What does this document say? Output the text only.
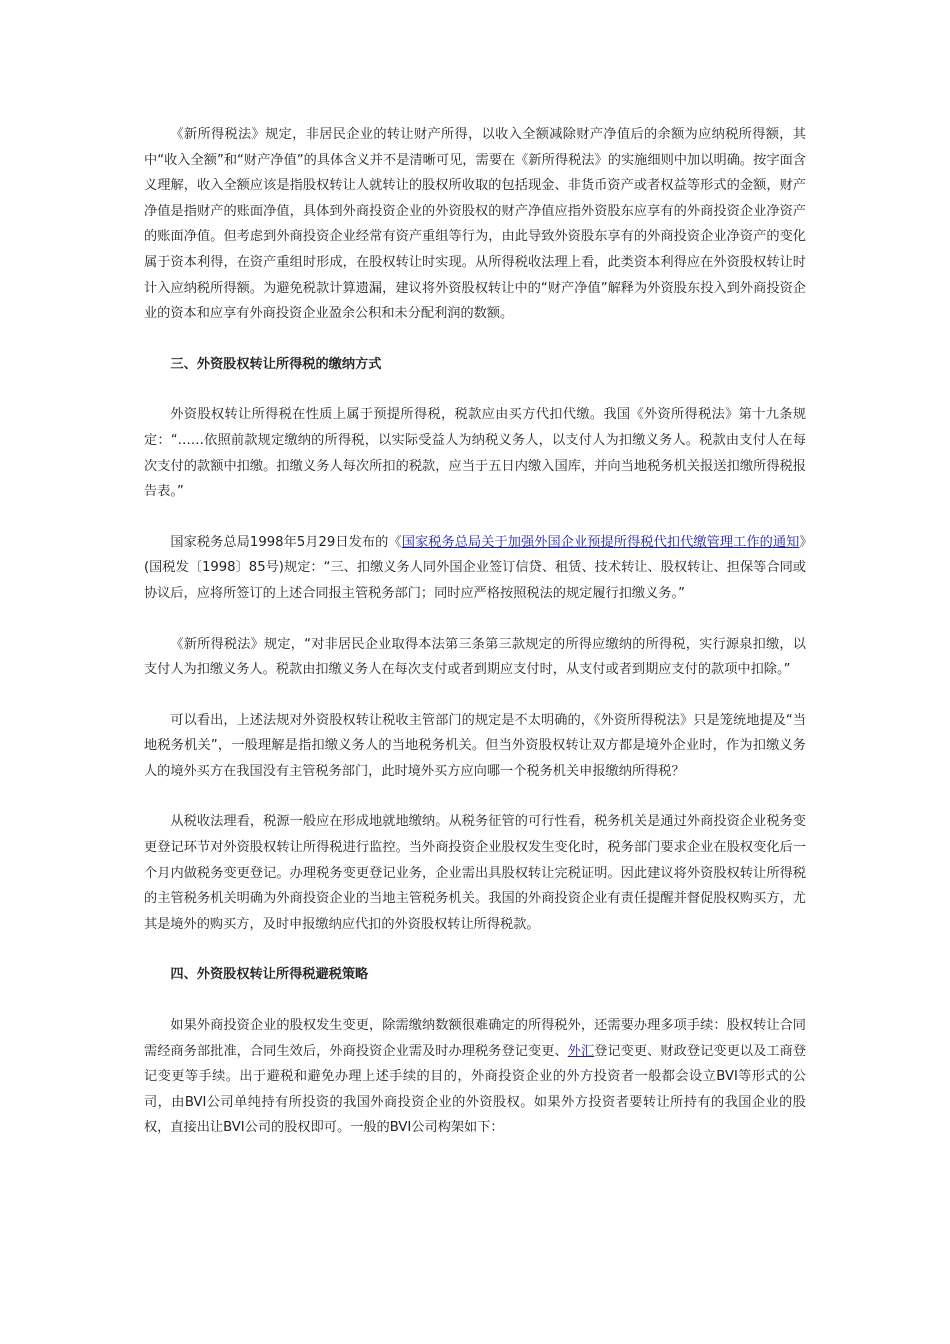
《新所得税法》规定，非居民企业的转让财产所得，以收入全额减除财产净值后的余额为应纳税所得额，其中“收入全额”和“财产净值”的具体含义并不是清晰可见，需要在《新所得税法》的实施细则中加以明确。按字面含义理解，收入全额应该是指股权转让人就转让的股权所收取的包括现金、非货币资产或者权益等形式的金额，财产净值是指财产的账面净值，具体到外商投资企业的外资股权的财产净值应指外资股东应享有的外商投资企业净资产的账面净值。但考虑到外商投资企业经常有资产重组等行为，由此导致外资股东享有的外商投资企业净资产的变化属于资本利得，在资产重组时形成，在股权转让时实现。从所得税收法理上看，此类资本利得应在外资股权转让时计入应纳税所得额。为避免税款计算遗漏，建议将外资股权转让中的“财产净值”解释为外资股东投入到外商投资企业的资本和应享有外商投资企业盈余公积和未分配利润的数额。

三、外资股权转让所得税的缴纳方式

外资股权转让所得税在性质上属于预提所得税，税款应由买方代扣代缴。我国《外资所得税法》第十九条规定：“……依照前款规定缴纳的所得税，以实际受益人为纳税义务人，以支付人为扣缴义务人。税款由支付人在每次支付的款额中扣缴。扣缴义务人每次所扣的税款，应当于五日内缴入国库，并向当地税务机关报送扣缴所得税报告表。”

国家税务总局1998年5月29日发布的《国家税务总局关于加强外国企业预提所得税代扣代缴管理工作的通知》(国税发〔1998〕85号)规定：“三、扣缴义务人同外国企业签订信贷、租赁、技术转让、股权转让、担保等合同或协议后，应将所签订的上述合同报主管税务部门；同时应严格按照税法的规定履行扣缴义务。”

《新所得税法》规定，“对非居民企业取得本法第三条第三款规定的所得应缴纳的所得税，实行源泉扣缴，以支付人为扣缴义务人。税款由扣缴义务人在每次支付或者到期应支付时，从支付或者到期应支付的款项中扣除。”

可以看出，上述法规对外资股权转让税收主管部门的规定是不太明确的，《外资所得税法》只是笼统地提及“当地税务机关”，一般理解是指扣缴义务人的当地税务机关。但当外资股权转让双方都是境外企业时，作为扣缴义务人的境外买方在我国没有主管税务部门，此时境外买方应向哪一个税务机关申报缴纳所得税？

从税收法理看，税源一般应在形成地就地缴纳。从税务征管的可行性看，税务机关是通过外商投资企业税务变更登记环节对外资股权转让所得税进行监控。当外商投资企业股权发生变化时，税务部门要求企业在股权变化后一个月内做税务变更登记。办理税务变更登记业务，企业需出具股权转让完税证明。因此建议将外资股权转让所得税的主管税务机关明确为外商投资企业的当地主管税务机关。我国的外商投资企业有责任提醒并督促股权购买方，尤其是境外的购买方，及时申报缴纳应代扣的外资股权转让所得税款。

四、外资股权转让所得税避税策略

如果外商投资企业的股权发生变更，除需缴纳数额很难确定的所得税外，还需要办理多项手续：股权转让合同需经商务部批准，合同生效后，外商投资企业需及时办理税务登记变更、外汇登记变更、财政登记变更以及工商登记变更等手续。出于避税和避免办理上述手续的目的，外商投资企业的外方投资者一般都会设立BVI等形式的公司，由BVI公司单纯持有所投资的我国外商投资企业的外资股权。如果外方投资者要转让所持有的我国企业的股权，直接出让BVI公司的股权即可。一般的BVI公司构架如下：
